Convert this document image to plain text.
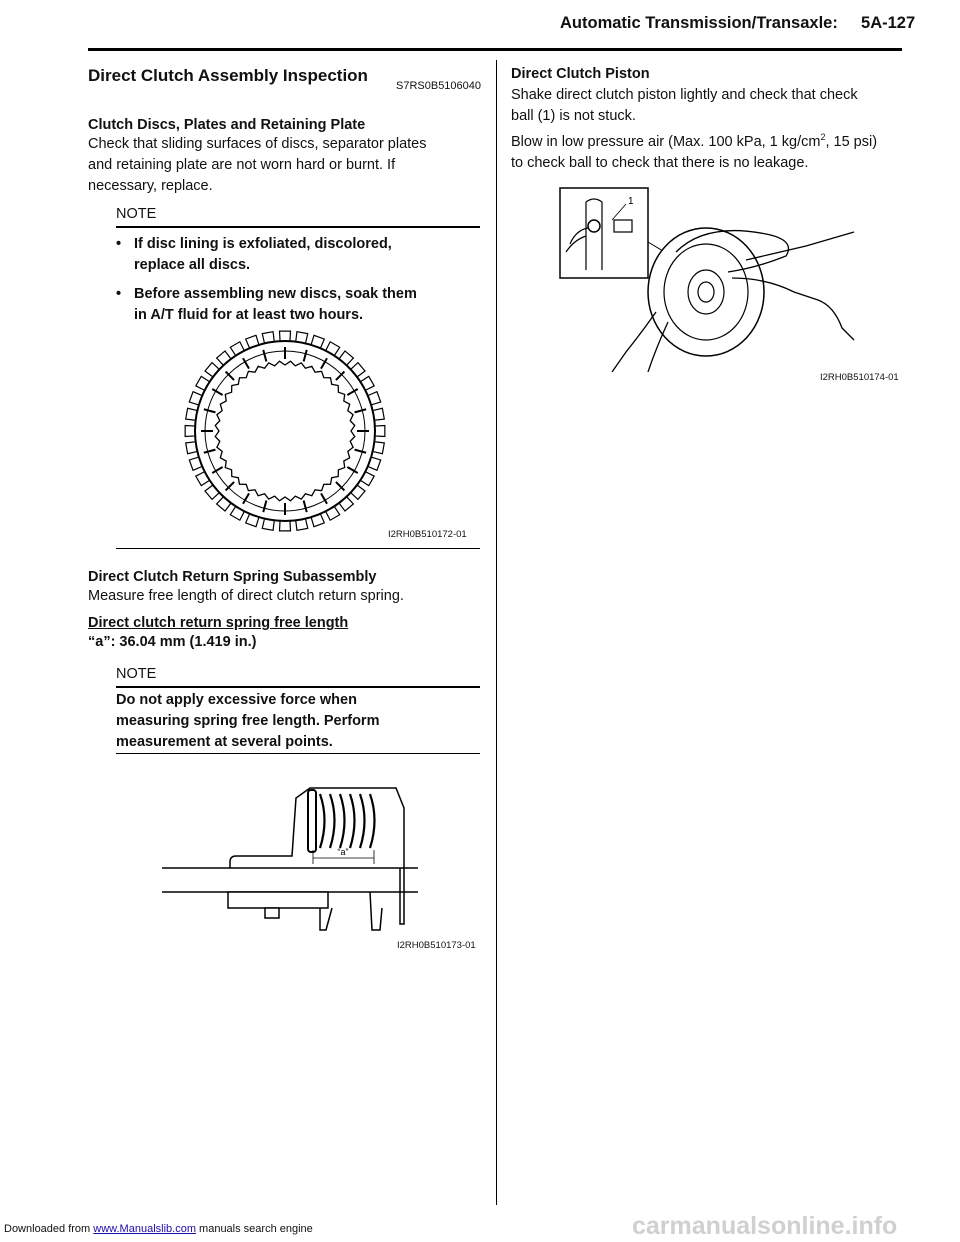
Automatic Transmission/Transaxle: 5A-127
Direct Clutch Assembly Inspection
S7RS0B5106040
Clutch Discs, Plates and Retaining Plate
Check that sliding surfaces of discs, separator plates
and retaining plate are not worn hard or burnt. If
necessary, replace.
NOTE
• If disc lining is exfoliated, discolored,
replace all discs.
• Before assembling new discs, soak them
in A/T fluid for at least two hours.
I2RH0B510172-01
Direct Clutch Return Spring Subassembly
Measure free length of direct clutch return spring.
Direct clutch return spring free length
“a”: 36.04 mm (1.419 in.)
NOTE
Do not apply excessive force when
measuring spring free length. Perform
measurement at several points.
“a”
I2RH0B510173-01
Direct Clutch Piston
Shake direct clutch piston lightly and check that check
ball (1) is not stuck.
Blow in low pressure air (Max. 100 kPa, 1 $kg/cm^2$, 15 psi)
to check ball to check that there is no leakage.
1
I2RH0B510174-01
Downloaded from www.Manualslib.com manuals search engine	carmanualsonline.info
